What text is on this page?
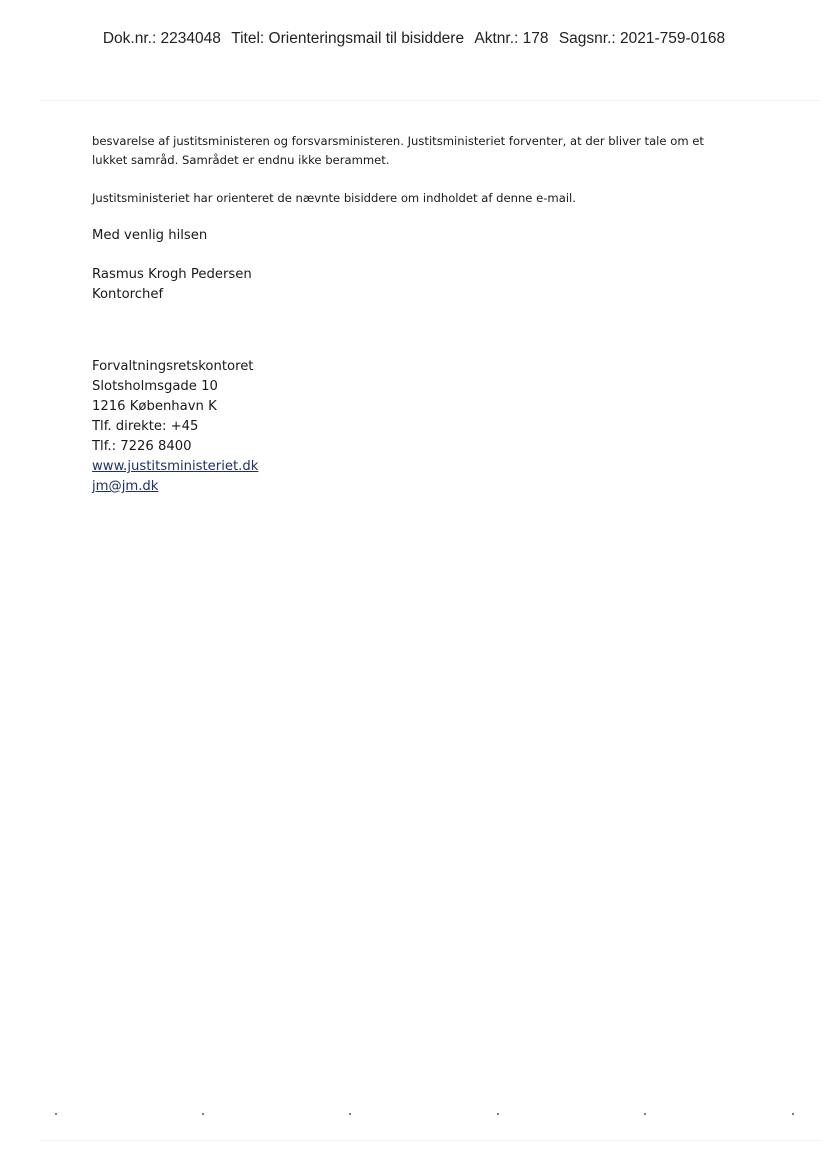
Dok.nr.: 2234048 Titel: Orienteringsmail til bisiddere Aktnr.: 178 Sagsnr.: 2021-759-0168

besvarelse af justitsministeren og forsvarsministeren. Justitsministeriet forventer, at der bliver tale om et

lukket samråd. Samrådet er endnu ikke berammet.

Justitsministeriet har orienteret de nævnte bisiddere om indholdet af denne e-mail.

Med venlig hilsen

Rasmus Krogh Pedersen

Kontorchef

Forvaltningsretskontoret

Slotsholmsgade 10

1216 København K

Tlf. direkte: +45

Tlf.: 7226 8400

www.justitsministeriet.dk
jm@jm.dk
